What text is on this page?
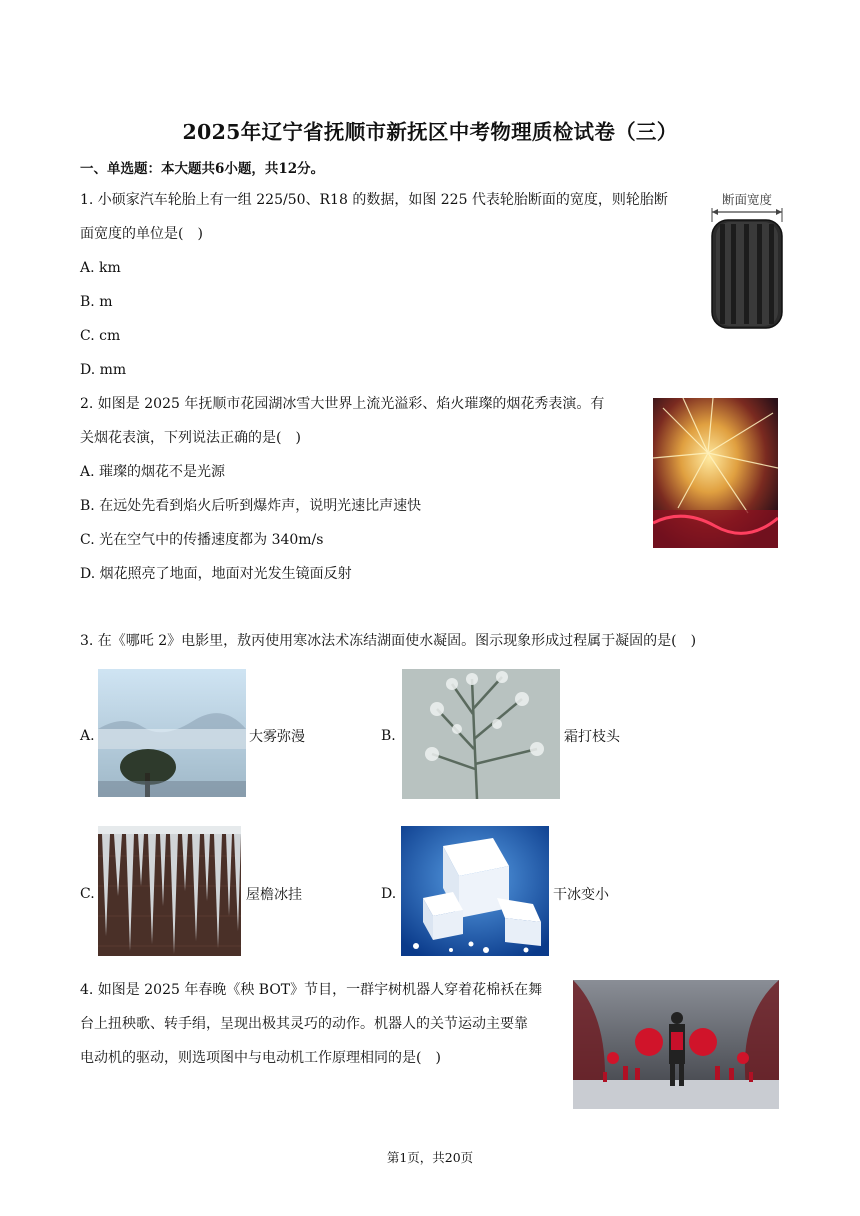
2025年辽宁省抚顺市新抚区中考物理质检试卷（三）
一、单选题：本大题共6小题，共12分。
1. 小硕家汽车轮胎上有一组 225/50、R18 的数据，如图 225 代表轮胎断面的宽度，则轮胎断
面宽度的单位是(　)
A. km
B. m
C. cm
D. mm
断面宽度
2. 如图是 2025 年抚顺市花园湖冰雪大世界上流光溢彩、焰火璀璨的烟花秀表演。有
关烟花表演，下列说法正确的是(　)
A. 璀璨的烟花不是光源
B. 在远处先看到焰火后听到爆炸声，说明光速比声速快
C. 光在空气中的传播速度都为 340m/s
D. 烟花照亮了地面，地面对光发生镜面反射
3. 在《哪吒 2》电影里，敖丙使用寒冰法术冻结湖面使水凝固。图示现象形成过程属于凝固的是(　)
A.	大雾弥漫	B.	霜打枝头
C.	屋檐冰挂	D.	干冰变小
4. 如图是 2025 年春晚《秧 BOT》节目，一群宇树机器人穿着花棉袄在舞
台上扭秧歌、转手绢，呈现出极其灵巧的动作。机器人的关节运动主要靠
电动机的驱动，则选项图中与电动机工作原理相同的是(　)
第1页，共20页
